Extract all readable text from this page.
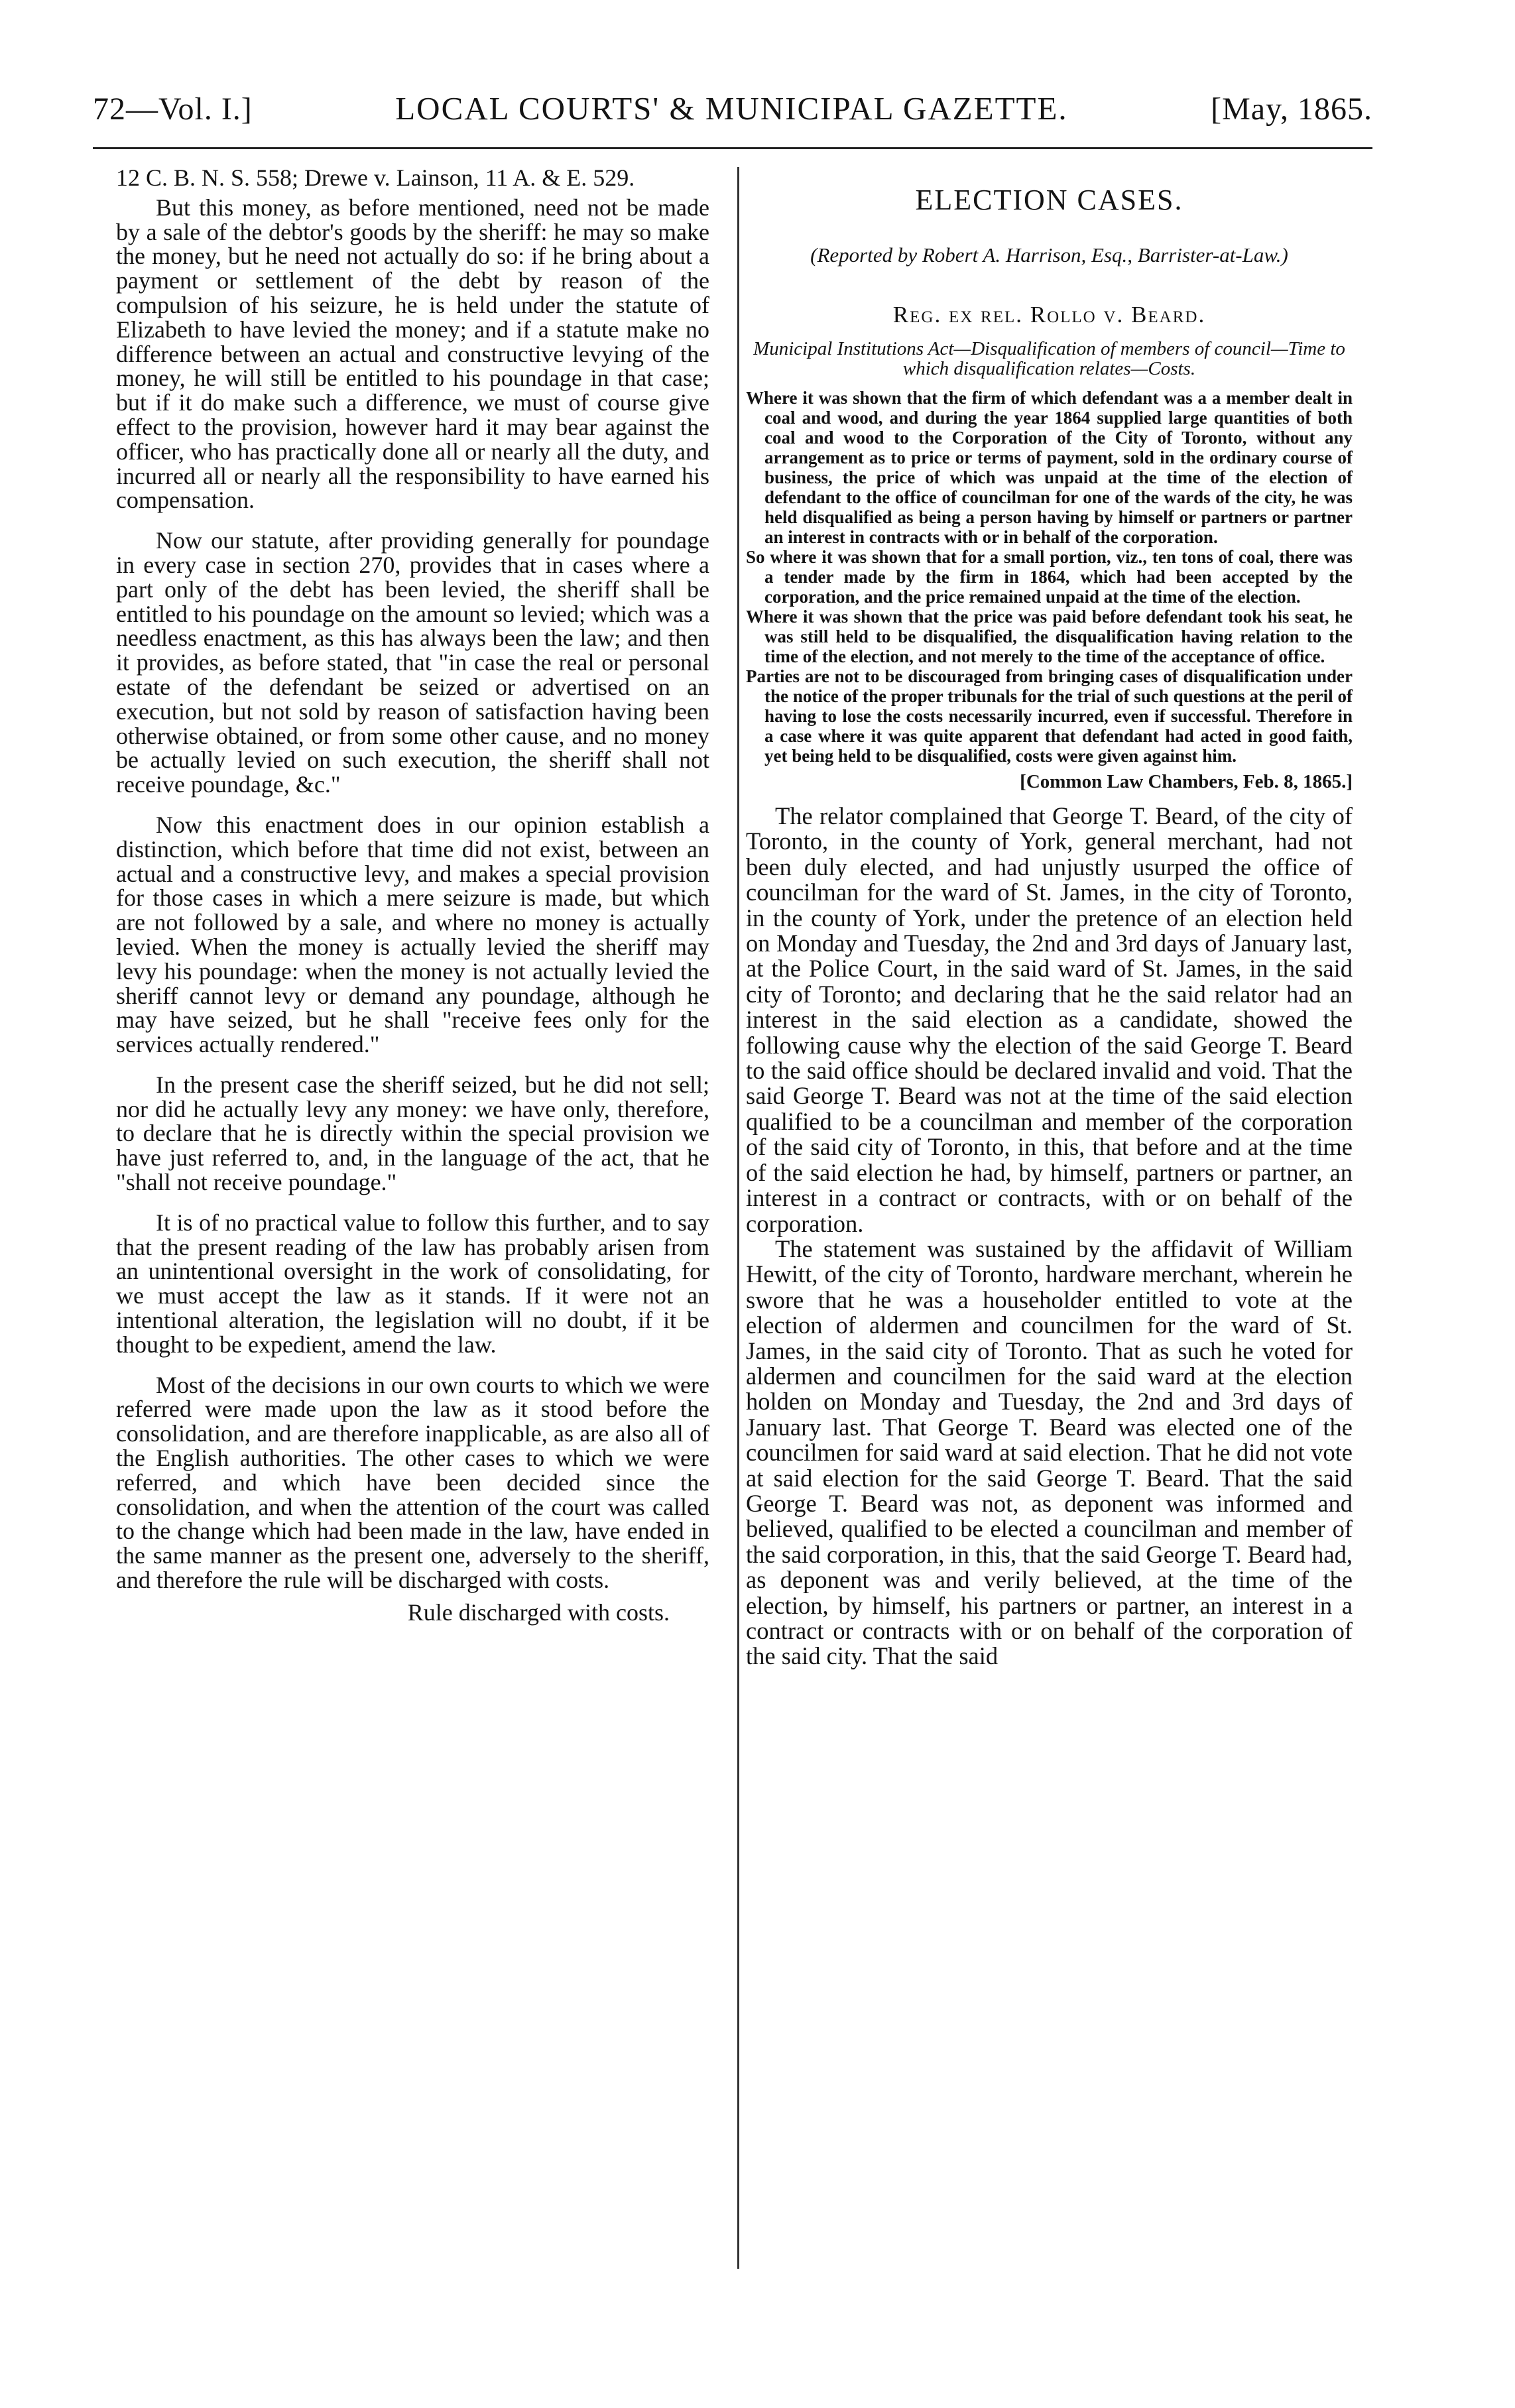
72—Vol. I.]	LOCAL COURTS' & MUNICIPAL GAZETTE.	[May, 1865.

12 C. B. N. S. 558; Drewe v. Lainson, 11 A. & E. 529.

But this money, as before mentioned, need not be made by a sale of the debtor's goods by the sheriff: he may so make the money, but he need not actually do so: if he bring about a payment or settlement of the debt by reason of the compulsion of his seizure, he is held under the statute of Elizabeth to have levied the money; and if a statute make no difference between an actual and constructive levying of the money, he will still be entitled to his poundage in that case; but if it do make such a difference, we must of course give effect to the provision, however hard it may bear against the officer, who has practically done all or nearly all the duty, and incurred all or nearly all the responsibility to have earned his compensation.

Now our statute, after providing generally for poundage in every case in section 270, provides that in cases where a part only of the debt has been levied, the sheriff shall be entitled to his poundage on the amount so levied; which was a needless enactment, as this has always been the law; and then it provides, as before stated, that "in case the real or personal estate of the defendant be seized or advertised on an execution, but not sold by reason of satisfaction having been otherwise obtained, or from some other cause, and no money be actually levied on such execution, the sheriff shall not receive poundage, &c."

Now this enactment does in our opinion establish a distinction, which before that time did not exist, between an actual and a constructive levy, and makes a special provision for those cases in which a mere seizure is made, but which are not followed by a sale, and where no money is actually levied. When the money is actually levied the sheriff may levy his poundage: when the money is not actually levied the sheriff cannot levy or demand any poundage, although he may have seized, but he shall "receive fees only for the services actually rendered."

In the present case the sheriff seized, but he did not sell; nor did he actually levy any money: we have only, therefore, to declare that he is directly within the special provision we have just referred to, and, in the language of the act, that he "shall not receive poundage."

It is of no practical value to follow this further, and to say that the present reading of the law has probably arisen from an unintentional oversight in the work of consolidating, for we must accept the law as it stands. If it were not an intentional alteration, the legislation will no doubt, if it be thought to be expedient, amend the law.

Most of the decisions in our own courts to which we were referred were made upon the law as it stood before the consolidation, and are therefore inapplicable, as are also all of the English authorities. The other cases to which we were referred, and which have been decided since the consolidation, and when the attention of the court was called to the change which had been made in the law, have ended in the same manner as the present one, adversely to the sheriff, and therefore the rule will be discharged with costs.

Rule discharged with costs.

ELECTION CASES.
(Reported by Robert A. Harrison, Esq., Barrister-at-Law.)
Reg. ex rel. Rollo v. Beard.
Municipal Institutions Act—Disqualification of members of council—Time to which disqualification relates—Costs.

Where it was shown that the firm of which defendant was a a member dealt in coal and wood, and during the year 1864 supplied large quantities of both coal and wood to the Corporation of the City of Toronto, without any arrangement as to price or terms of payment, sold in the ordinary course of business, the price of which was unpaid at the time of the election of defendant to the office of councilman for one of the wards of the city, he was held disqualified as being a person having by himself or partners or partner an interest in contracts with or in behalf of the corporation.

So where it was shown that for a small portion, viz., ten tons of coal, there was a tender made by the firm in 1864, which had been accepted by the corporation, and the price remained unpaid at the time of the election.

Where it was shown that the price was paid before defendant took his seat, he was still held to be disqualified, the disqualification having relation to the time of the election, and not merely to the time of the acceptance of office.

Parties are not to be discouraged from bringing cases of disqualification under the notice of the proper tribunals for the trial of such questions at the peril of having to lose the costs necessarily incurred, even if successful. Therefore in a case where it was quite apparent that defendant had acted in good faith, yet being held to be disqualified, costs were given against him.

[Common Law Chambers, Feb. 8, 1865.]

The relator complained that George T. Beard, of the city of Toronto, in the county of York, general merchant, had not been duly elected, and had unjustly usurped the office of councilman for the ward of St. James, in the city of Toronto, in the county of York, under the pretence of an election held on Monday and Tuesday, the 2nd and 3rd days of January last, at the Police Court, in the said ward of St. James, in the said city of Toronto; and declaring that he the said relator had an interest in the said election as a candidate, showed the following cause why the election of the said George T. Beard to the said office should be declared invalid and void. That the said George T. Beard was not at the time of the said election qualified to be a councilman and member of the corporation of the said city of Toronto, in this, that before and at the time of the said election he had, by himself, partners or partner, an interest in a contract or contracts, with or on behalf of the corporation.

The statement was sustained by the affidavit of William Hewitt, of the city of Toronto, hardware merchant, wherein he swore that he was a householder entitled to vote at the election of aldermen and councilmen for the ward of St. James, in the said city of Toronto. That as such he voted for aldermen and councilmen for the said ward at the election holden on Monday and Tuesday, the 2nd and 3rd days of January last. That George T. Beard was elected one of the councilmen for said ward at said election. That he did not vote at said election for the said George T. Beard. That the said George T. Beard was not, as deponent was informed and believed, qualified to be elected a councilman and member of the said corporation, in this, that the said George T. Beard had, as deponent was and verily believed, at the time of the election, by himself, his partners or partner, an interest in a contract or contracts with or on behalf of the corporation of the said city. That the said
